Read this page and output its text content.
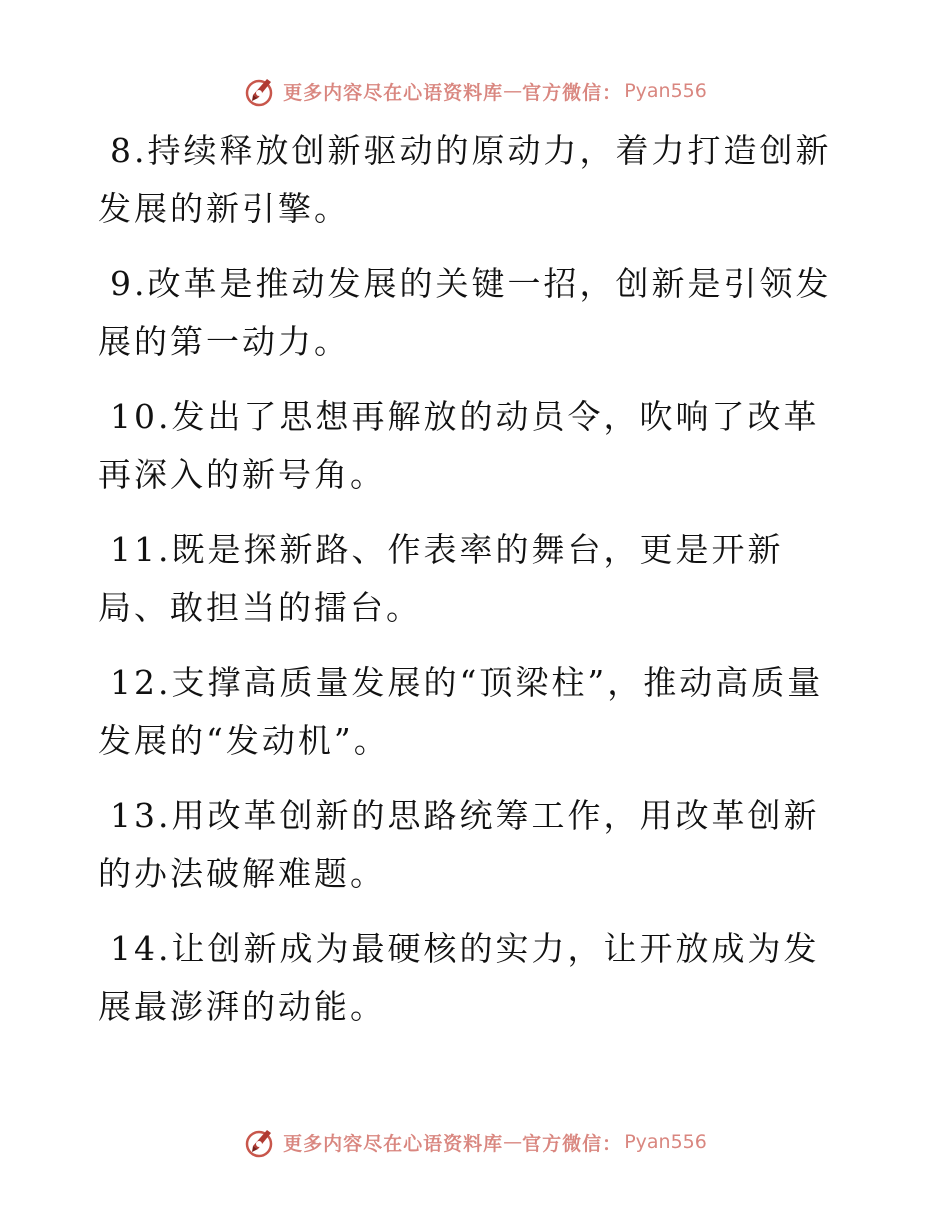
更多内容尽在心语资料库 — 官方微信： Pyan556

8.持续释放创新驱动的原动力，着力打造创新发展的新引擎。

9.改革是推动发展的关键一招，创新是引领发展的第一动力。

10.发出了思想再解放的动员令，吹响了改革再深入的新号角。

11.既是探新路、作表率的舞台，更是开新局、敢担当的擂台。

12.支撑高质量发展的“顶梁柱”，推动高质量发展的“发动机”。

13.用改革创新的思路统筹工作，用改革创新的办法破解难题。

14.让创新成为最硬核的实力，让开放成为发展最澎湃的动能。

更多内容尽在心语资料库 — 官方微信： Pyan556
